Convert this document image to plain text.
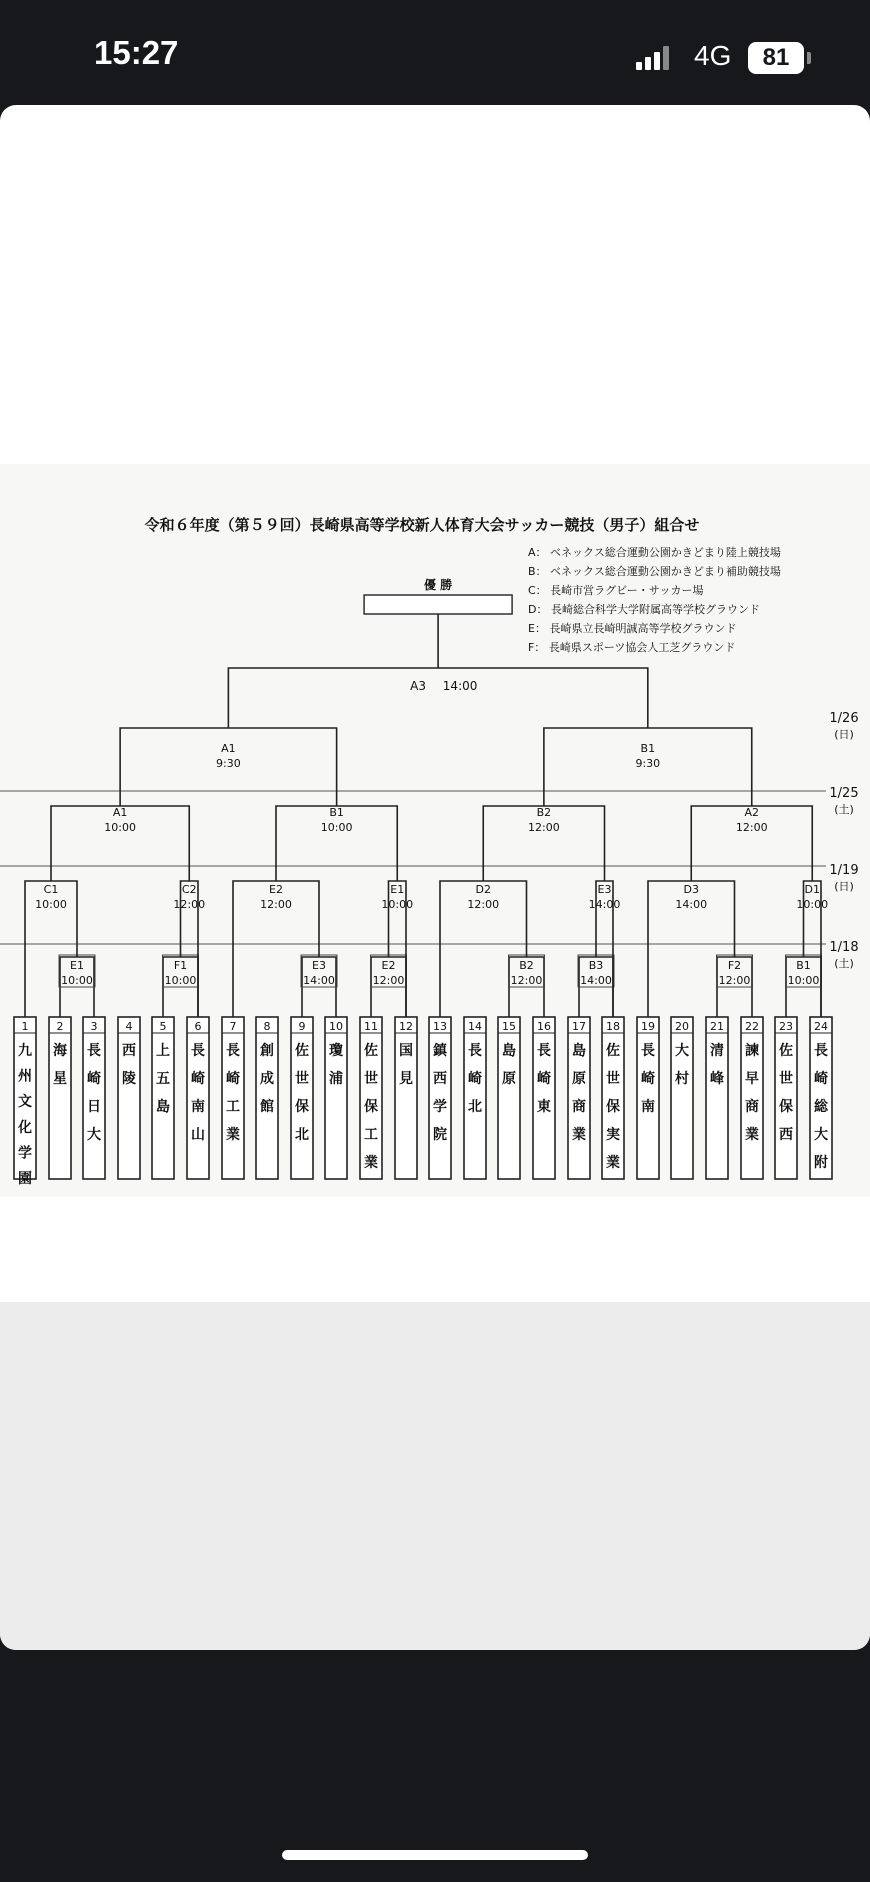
15:27	4G	81
令和６年度（第５９回）長崎県高等学校新人体育大会サッカー競技（男子）組合せ
A： ベネックス総合運動公園かきどまり陸上競技場
B： ベネックス総合運動公園かきどまり補助競技場
C： 長崎市営ラグビー・サッカー場
D： 長崎総合科学大学附属高等学校グラウンド
E： 長崎県立長崎明誠高等学校グラウンド
F： 長崎県スポーツ協会人工芝グラウンド
1/26
(日)
1/25
(土)
1/19
(日)
1/18
(土)
1
九
州
文
化
学
園
2
海
星
3
長
崎
日
大
4
西
陵
5
上
五
島
6
長
崎
南
山
7
長
崎
工
業
8
創
成
館
9
佐
世
保
北
10
瓊
浦
11
佐
世
保
工
業
12
国
見
13
鎮
西
学
院
14
長
崎
北
15
島
原
16
長
崎
東
17
島
原
商
業
18
佐
世
保
実
業
19
長
崎
南
20
大
村
21
清
峰
22
諫
早
商
業
23
佐
世
保
西
24
長
崎
総
大
附
E1
10:00
F1
10:00
E3
14:00
E2
12:00
B2
12:00
B3
14:00
F2
12:00
B1
10:00
C1
10:00
C2
12:00
E2
12:00
E1
10:00
D2
12:00
E3
14:00
D3
14:00
D1
10:00
A1
10:00
B1
10:00
B2
12:00
A2
12:00
A1
9:30
B1
9:30
A3 14:00
優 勝
